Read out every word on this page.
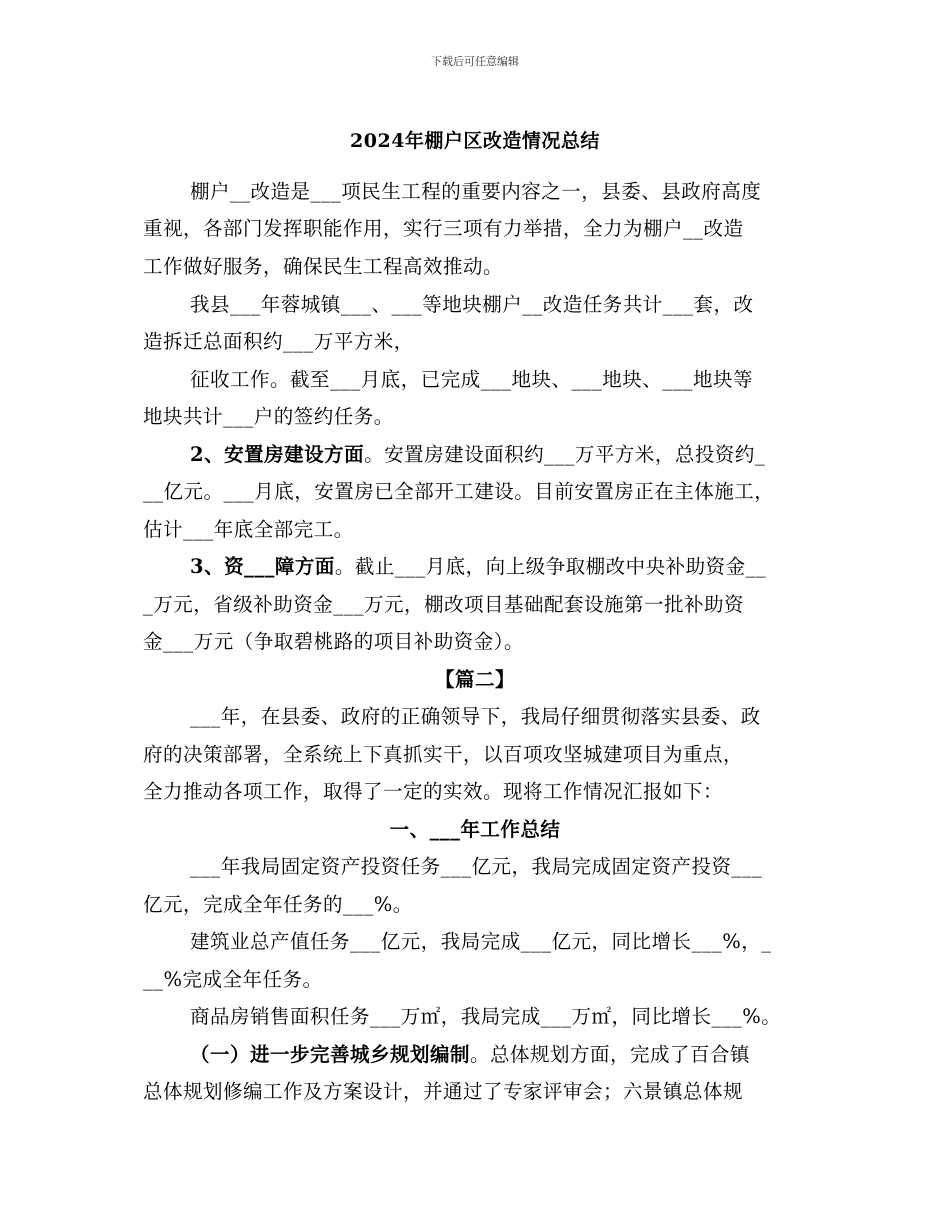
下载后可任意编辑
2024年棚户区改造情况总结
棚户__改造是___项民生工程的重要内容之一，县委、县政府高度
重视，各部门发挥职能作用，实行三项有力举措，全力为棚户__改造
工作做好服务，确保民生工程高效推动。
我县___年蓉城镇___、___等地块棚户__改造任务共计___套，改
造拆迁总面积约___万平方米，
征收工作。截至___月底，已完成___地块、___地块、___地块等
地块共计___户的签约任务。
2、安置房建设方面。安置房建设面积约___万平方米，总投资约_
__亿元。___月底，安置房已全部开工建设。目前安置房正在主体施工，
估计___年底全部完工。
3、资___障方面。截止___月底，向上级争取棚改中央补助资金__
_万元，省级补助资金___万元，棚改项目基础配套设施第一批补助资
金___万元（争取碧桃路的项目补助资金）。
【篇二】
___年，在县委、政府的正确领导下，我局仔细贯彻落实县委、政
府的决策部署，全系统上下真抓实干，以百项攻坚城建项目为重点，
全力推动各项工作，取得了一定的实效。现将工作情况汇报如下：
一、___年工作总结
___年我局固定资产投资任务___亿元，我局完成固定资产投资___
亿元，完成全年任务的___%。
建筑业总产值任务___亿元，我局完成___亿元，同比增长___%，_
__%完成全年任务。
商品房销售面积任务___万㎡，我局完成___万㎡，同比增长___%。
（一）进一步完善城乡规划编制。总体规划方面，完成了百合镇
总体规划修编工作及方案设计，并通过了专家评审会；六景镇总体规
